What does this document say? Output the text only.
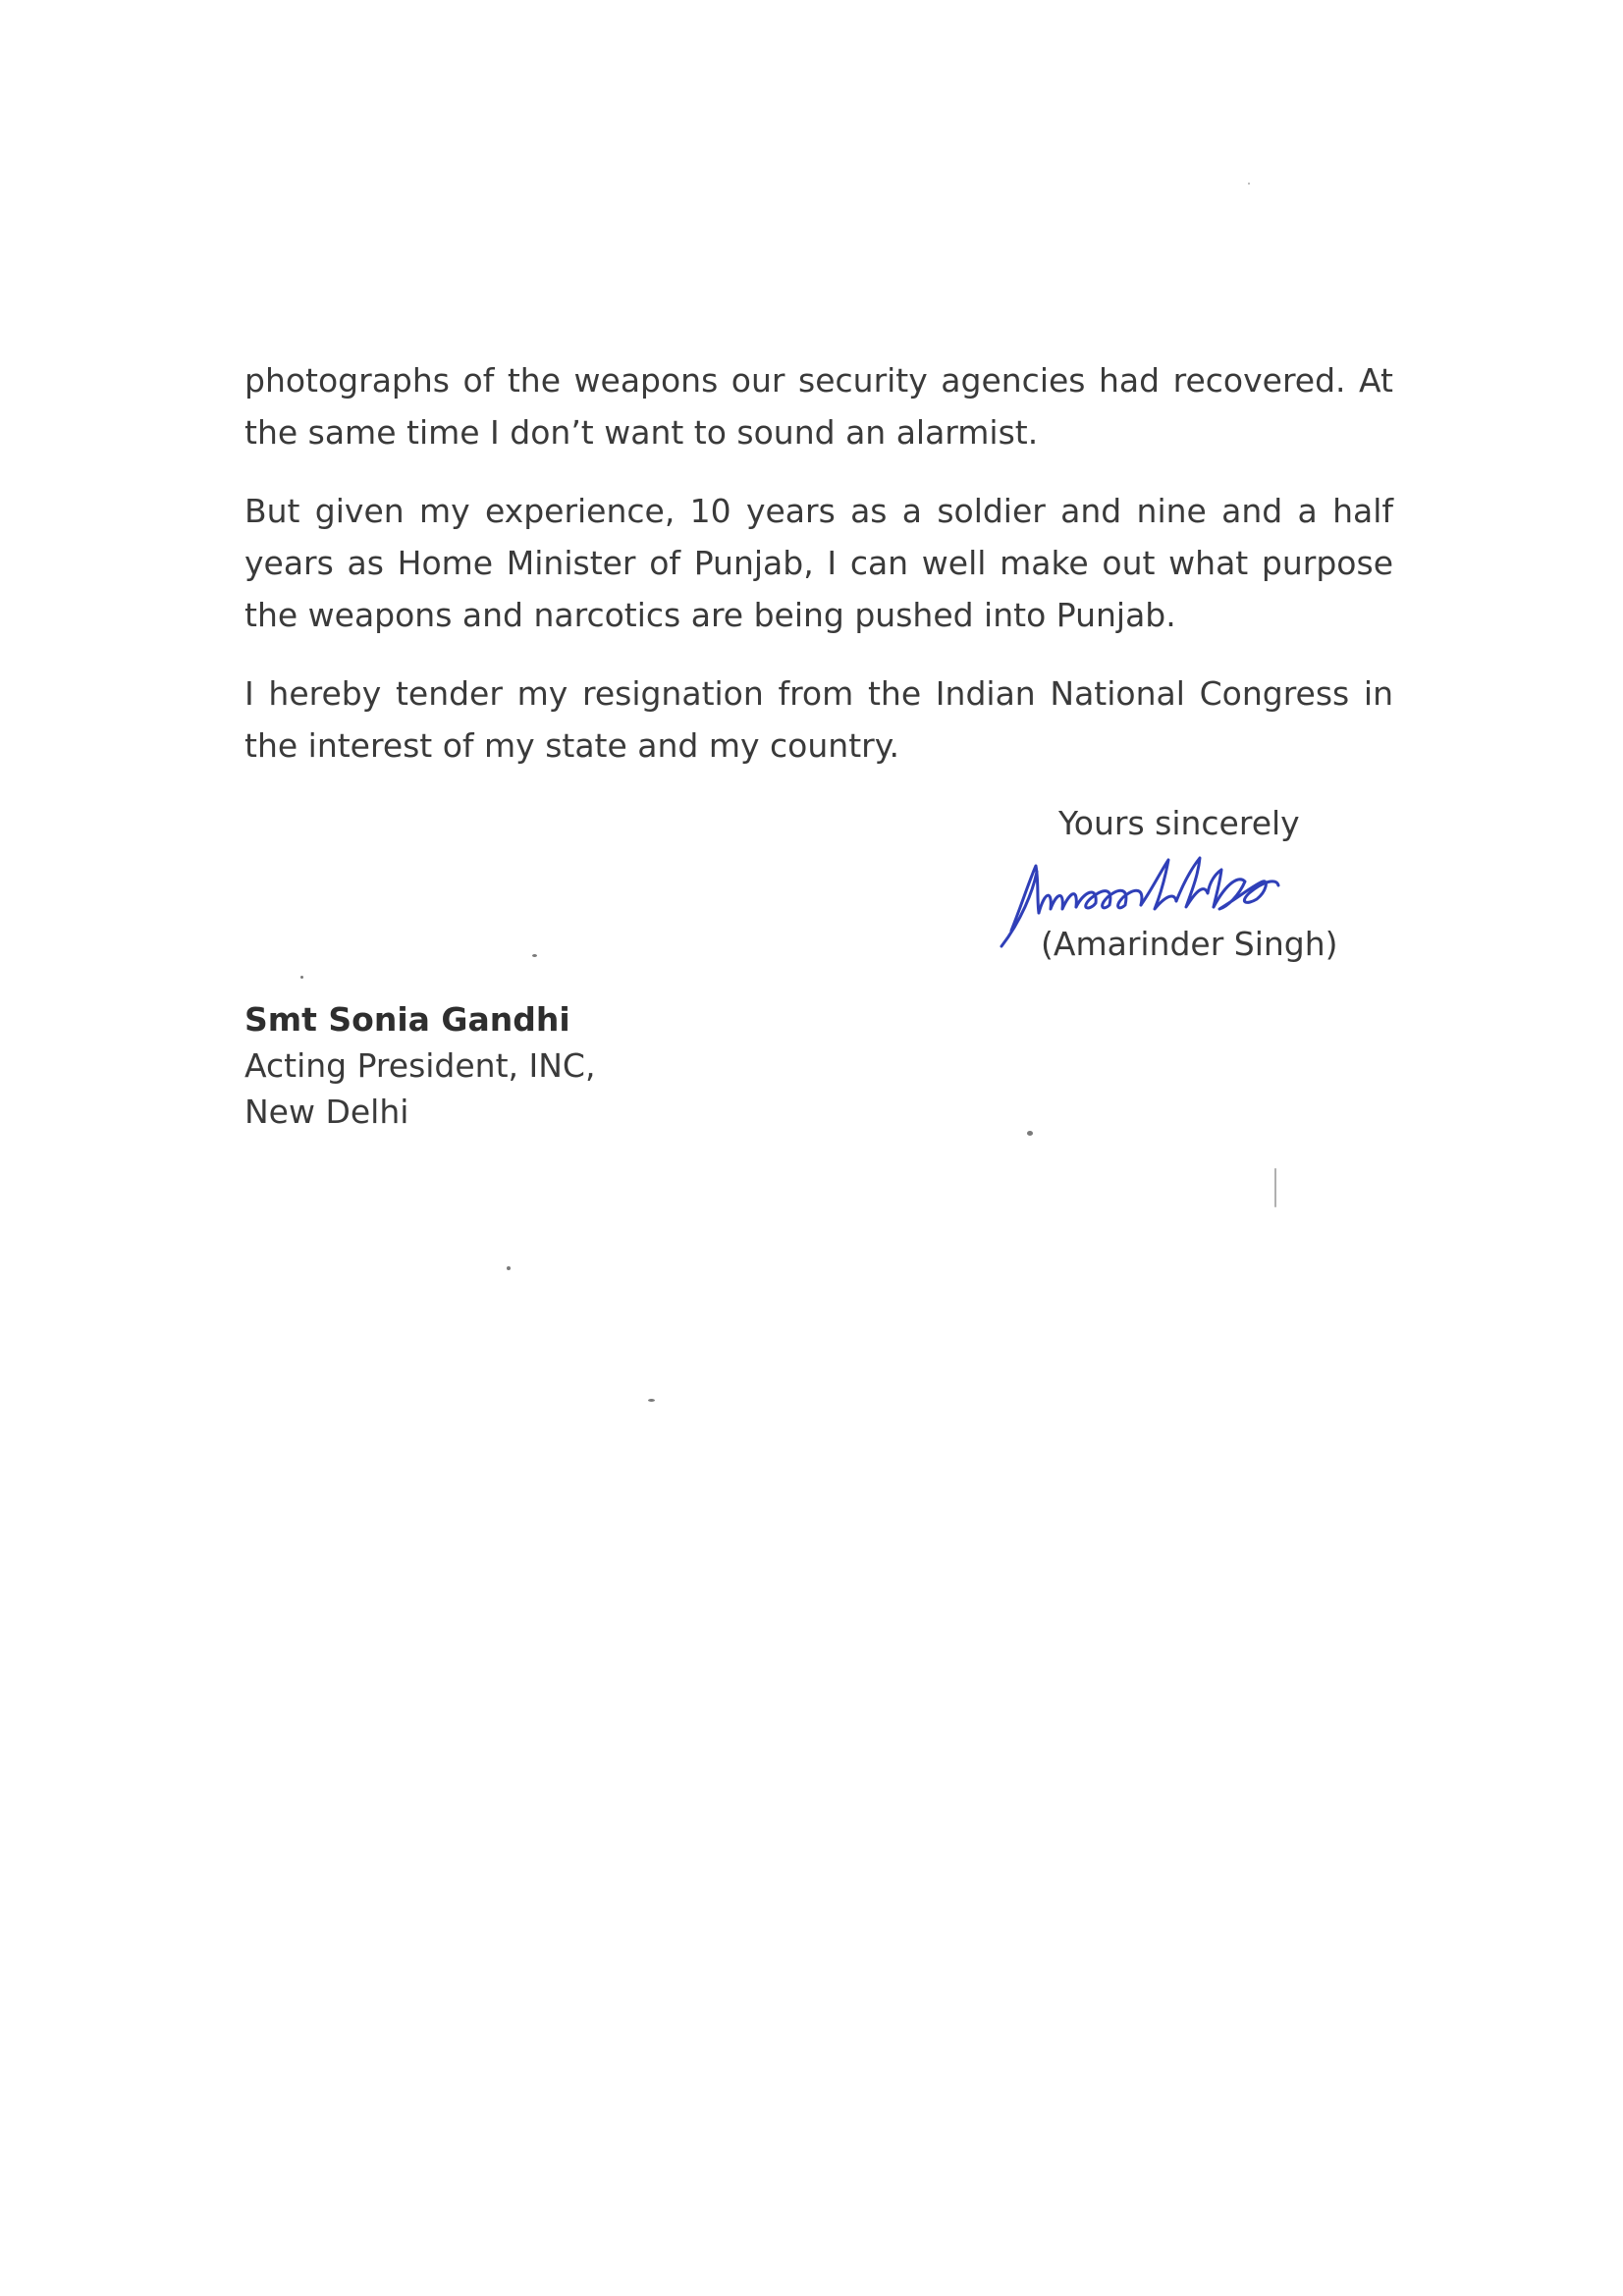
photographs of the weapons our security agencies had recovered. At the same time I don’t want to sound an alarmist.

But given my experience, 10 years as a soldier and nine and a half years as Home Minister of Punjab, I can well make out what purpose the weapons and narcotics are being pushed into Punjab.

I hereby tender my resignation from the Indian National Congress in the interest of my state and my country.

Yours sincerely

(Amarinder Singh)

Smt Sonia Gandhi
Acting President, INC,
New Delhi
